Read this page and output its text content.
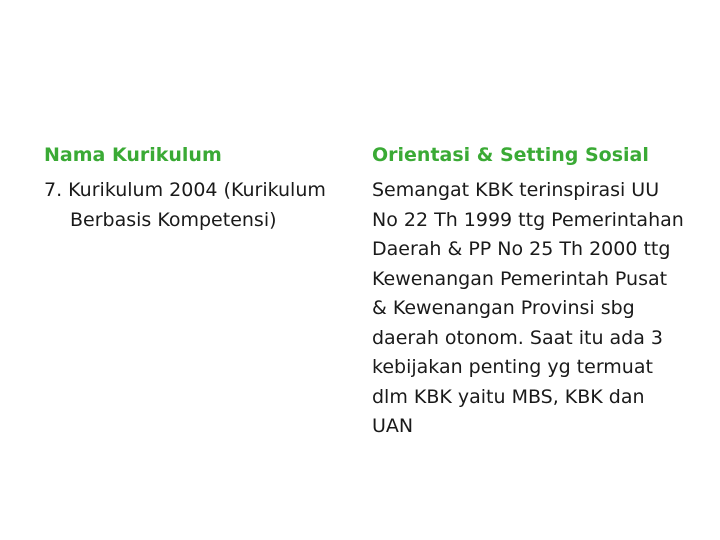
Nama Kurikulum

7. Kurikulum 2004 (Kurikulum Berbasis Kompetensi)

Orientasi & Setting Sosial

Semangat KBK terinspirasi UU No 22 Th 1999 ttg Pemerintahan Daerah & PP No 25 Th 2000 ttg Kewenangan Pemerintah Pusat & Kewenangan Provinsi sbg daerah otonom. Saat itu ada 3 kebijakan penting yg termuat dlm KBK yaitu MBS, KBK dan UAN
